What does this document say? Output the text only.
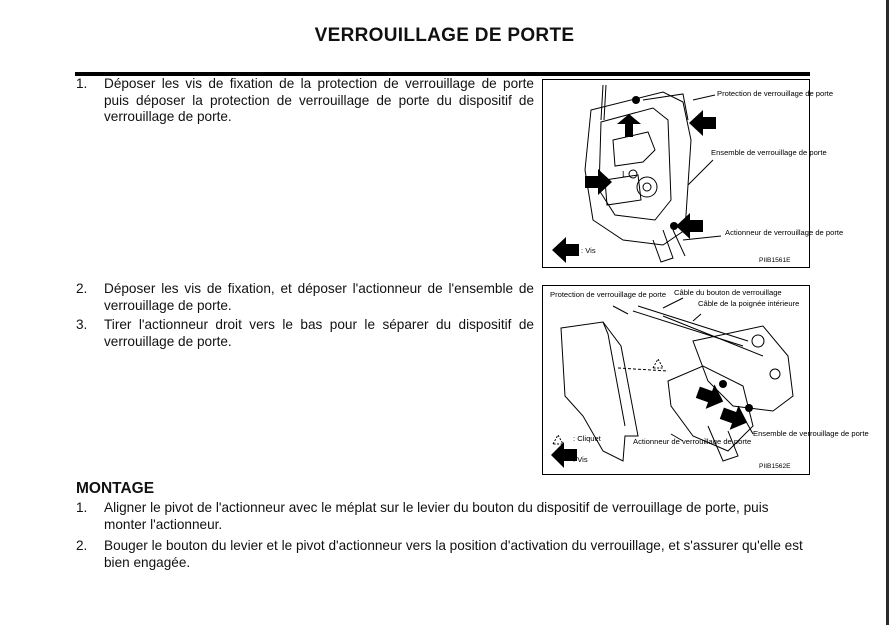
VERROUILLAGE DE PORTE
1. Déposer les vis de fixation de la protection de verrouillage de porte puis déposer la protection de verrouillage de porte du dispositif de verrouillage de porte.
2. Déposer les vis de fixation, et déposer l'actionneur de l'ensemble de verrouillage de porte.
3. Tirer l'actionneur droit vers le bas pour le séparer du dispositif de verrouillage de porte.
L
Protection de verrouillage de porte
Ensemble de verrouillage de porte
Actionneur de verrouillage de porte
: Vis
PIIB1561E
Protection de verrouillage de porte Câble du bouton de verrouillage
Câble de la poignée intérieure
Ensemble de verrouillage de porte
Actionneur de verrouillage de porte
: Cliquet
: Vis
PIIB1562E
MONTAGE
1. Aligner le pivot de l'actionneur avec le méplat sur le levier du bouton du dispositif de verrouillage de porte, puis monter l'actionneur.
2. Bouger le bouton du levier et le pivot d'actionneur vers la position d'activation du verrouillage, et s'assurer qu'elle est bien engagée.
